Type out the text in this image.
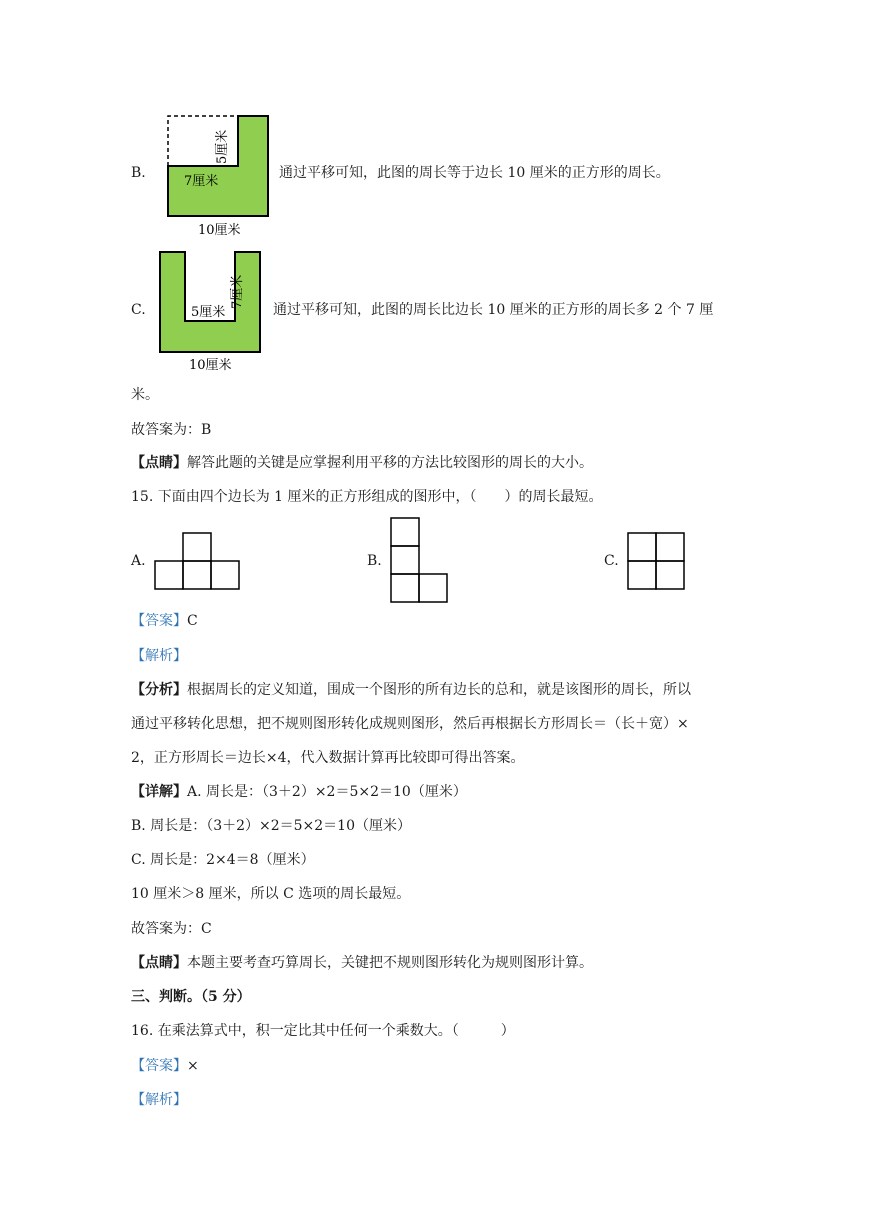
B.
5厘米
7厘米
10厘米
通过平移可知，此图的周长等于边长 10 厘米的正方形的周长。
C.	5厘米
7厘米
10厘米
通过平移可知，此图的周长比边长 10 厘米的正方形的周长多 2 个 7 厘
米。
故答案为：B
【点睛】解答此题的关键是应掌握利用平移的方法比较图形的周长的大小。
15. 下面由四个边长为 1 厘米的正方形组成的图形中，（　　）的周长最短。
A.	B.	C.
【答案】C
【解析】
【分析】根据周长的定义知道，围成一个图形的所有边长的总和，就是该图形的周长，所以
通过平移转化思想，把不规则图形转化成规则图形，然后再根据长方形周长＝（长＋宽）×
2，正方形周长＝边长×4，代入数据计算再比较即可得出答案。
【详解】A. 周长是：（3＋2）×2＝5×2＝10（厘米）
B. 周长是：（3＋2）×2＝5×2＝10（厘米）
C. 周长是：2×4＝8（厘米）
10 厘米＞8 厘米，所以 C 选项的周长最短。
故答案为：C
【点睛】本题主要考查巧算周长，关键把不规则图形转化为规则图形计算。
三、判断。（5 分）
16. 在乘法算式中，积一定比其中任何一个乘数大。（　　　）
【答案】×
【解析】
